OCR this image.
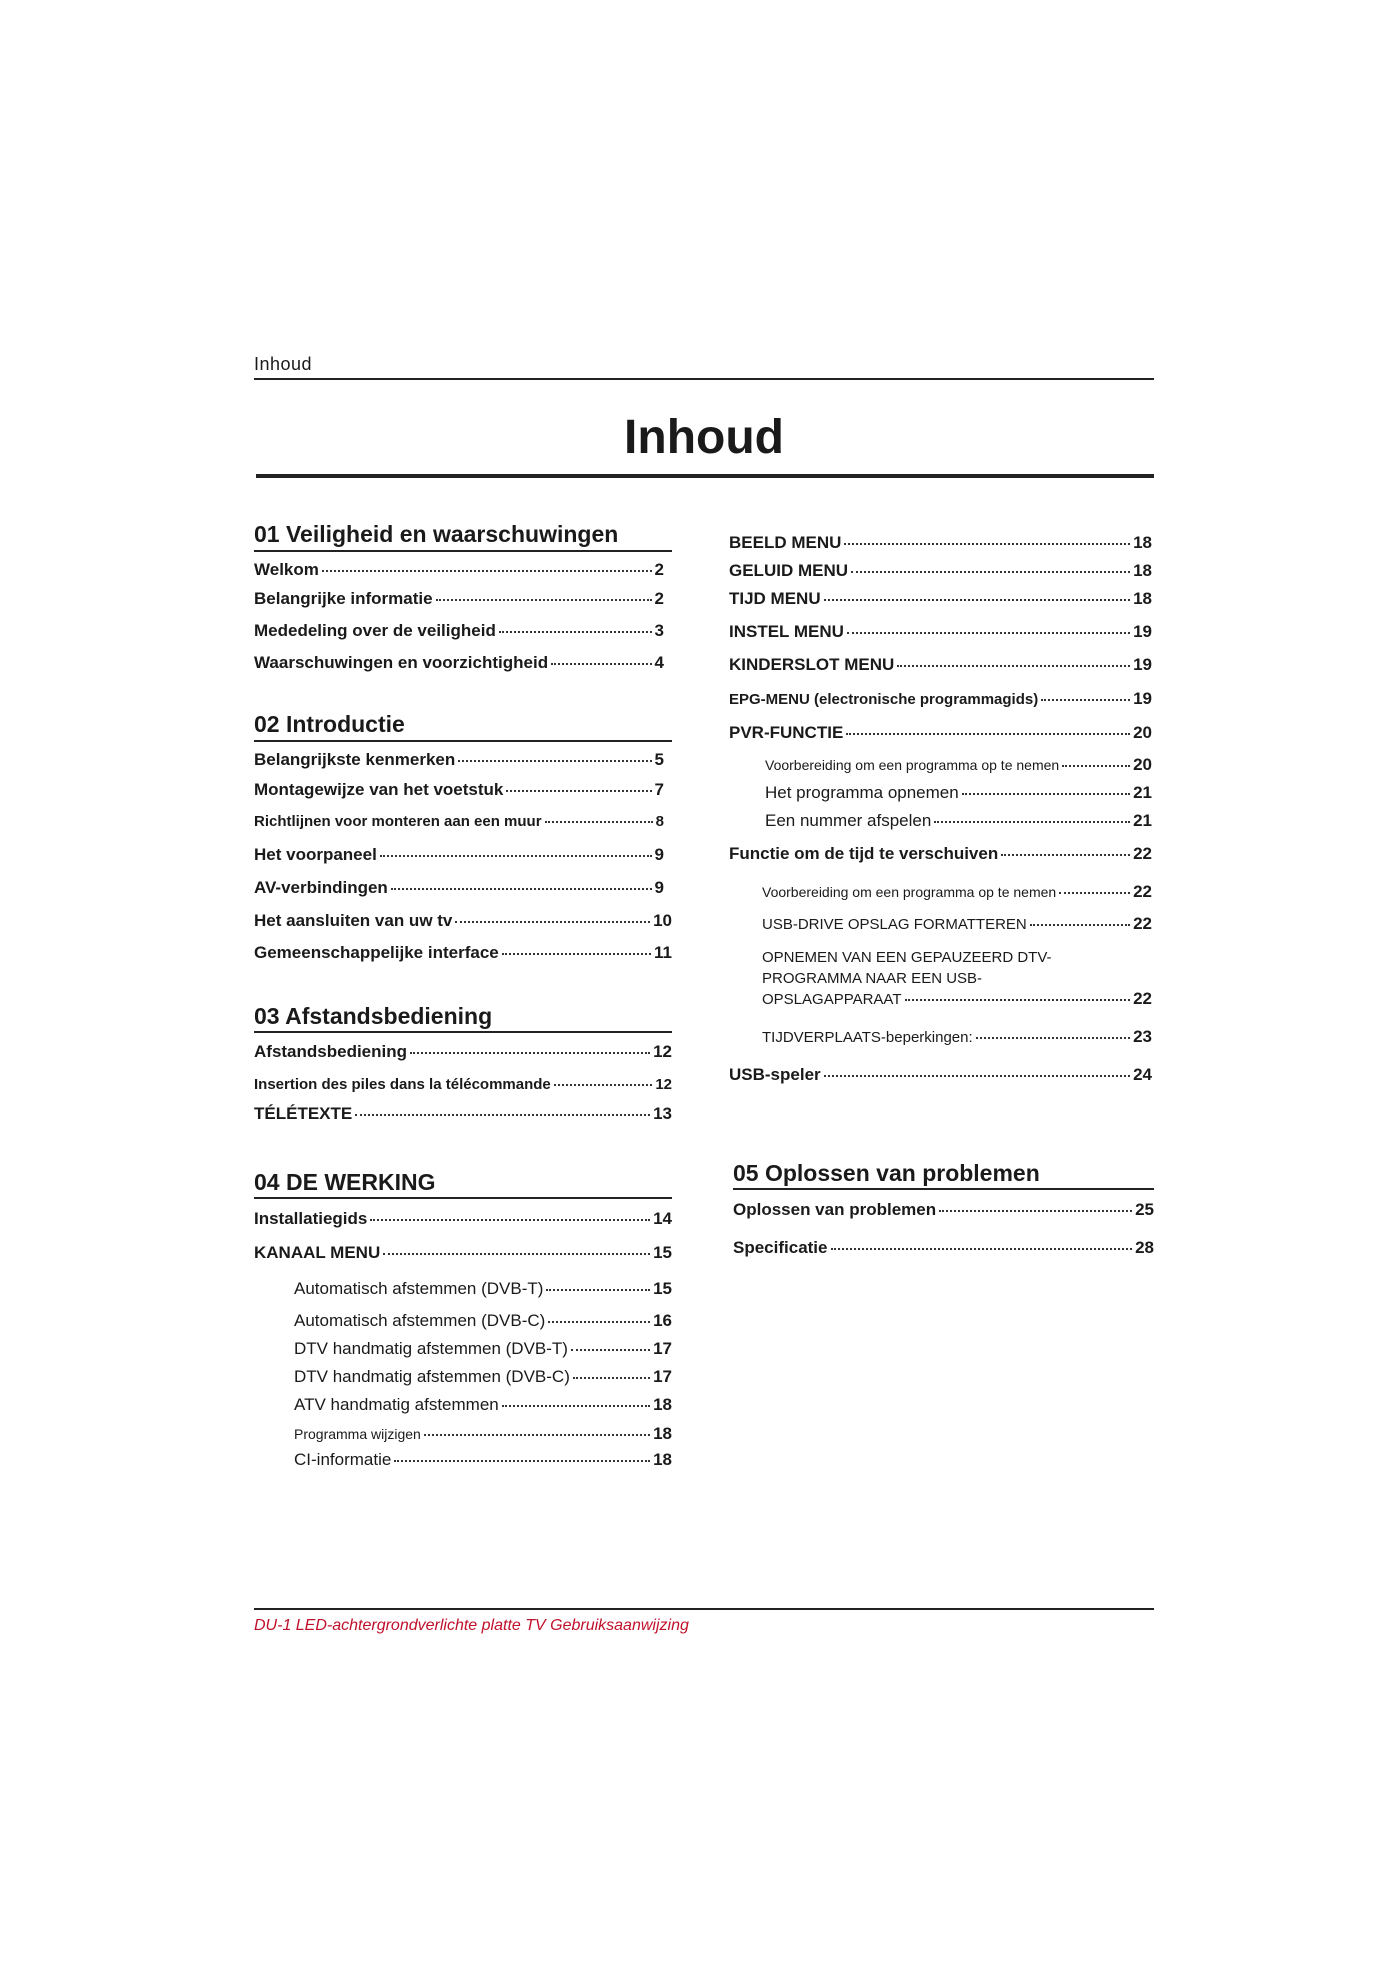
Inhoud
Inhoud
01 Veiligheid en waarschuwingen
Welkom	2
Belangrijke informatie	2
Mededeling over de veiligheid	3
Waarschuwingen en voorzichtigheid	4
02 Introductie
Belangrijkste kenmerken	5
Montagewijze van het voetstuk	7
Richtlijnen voor monteren aan een muur	8
Het voorpaneel	9
AV-verbindingen	9
Het aansluiten van uw tv	10
Gemeenschappelijke interface	11
03 Afstandsbediening
Afstandsbediening	12
Insertion des piles dans la télécommande	12
TÉLÉTEXTE	13
04 DE WERKING
Installatiegids	14
KANAAL MENU	15
Automatisch afstemmen (DVB-T)	15
Automatisch afstemmen (DVB-C)	16
DTV handmatig afstemmen (DVB-T)	17
DTV handmatig afstemmen (DVB-C)	17
ATV handmatig afstemmen	18
Programma wijzigen	18
CI-informatie	18
BEELD MENU	18
GELUID MENU	18
TIJD MENU	18
INSTEL MENU	19
KINDERSLOT MENU	19
EPG-MENU (electronische programmagids)	19
PVR-FUNCTIE	20
Voorbereiding om een programma op te nemen	20
Het programma opnemen	21
Een nummer afspelen	21
Functie om de tijd te verschuiven	22
Voorbereiding om een programma op te nemen	22
USB-DRIVE OPSLAG FORMATTEREN	22
OPNEMEN VAN EEN GEPAUZEERD DTV-
PROGRAMMA NAAR EEN USB-
OPSLAGAPPARAAT	22
TIJDVERPLAATS-beperkingen:	23
USB-speler	24
05 Oplossen van problemen
Oplossen van problemen	25
Specificatie	28
DU-1 LED-achtergrondverlichte platte TV Gebruiksaanwijzing
